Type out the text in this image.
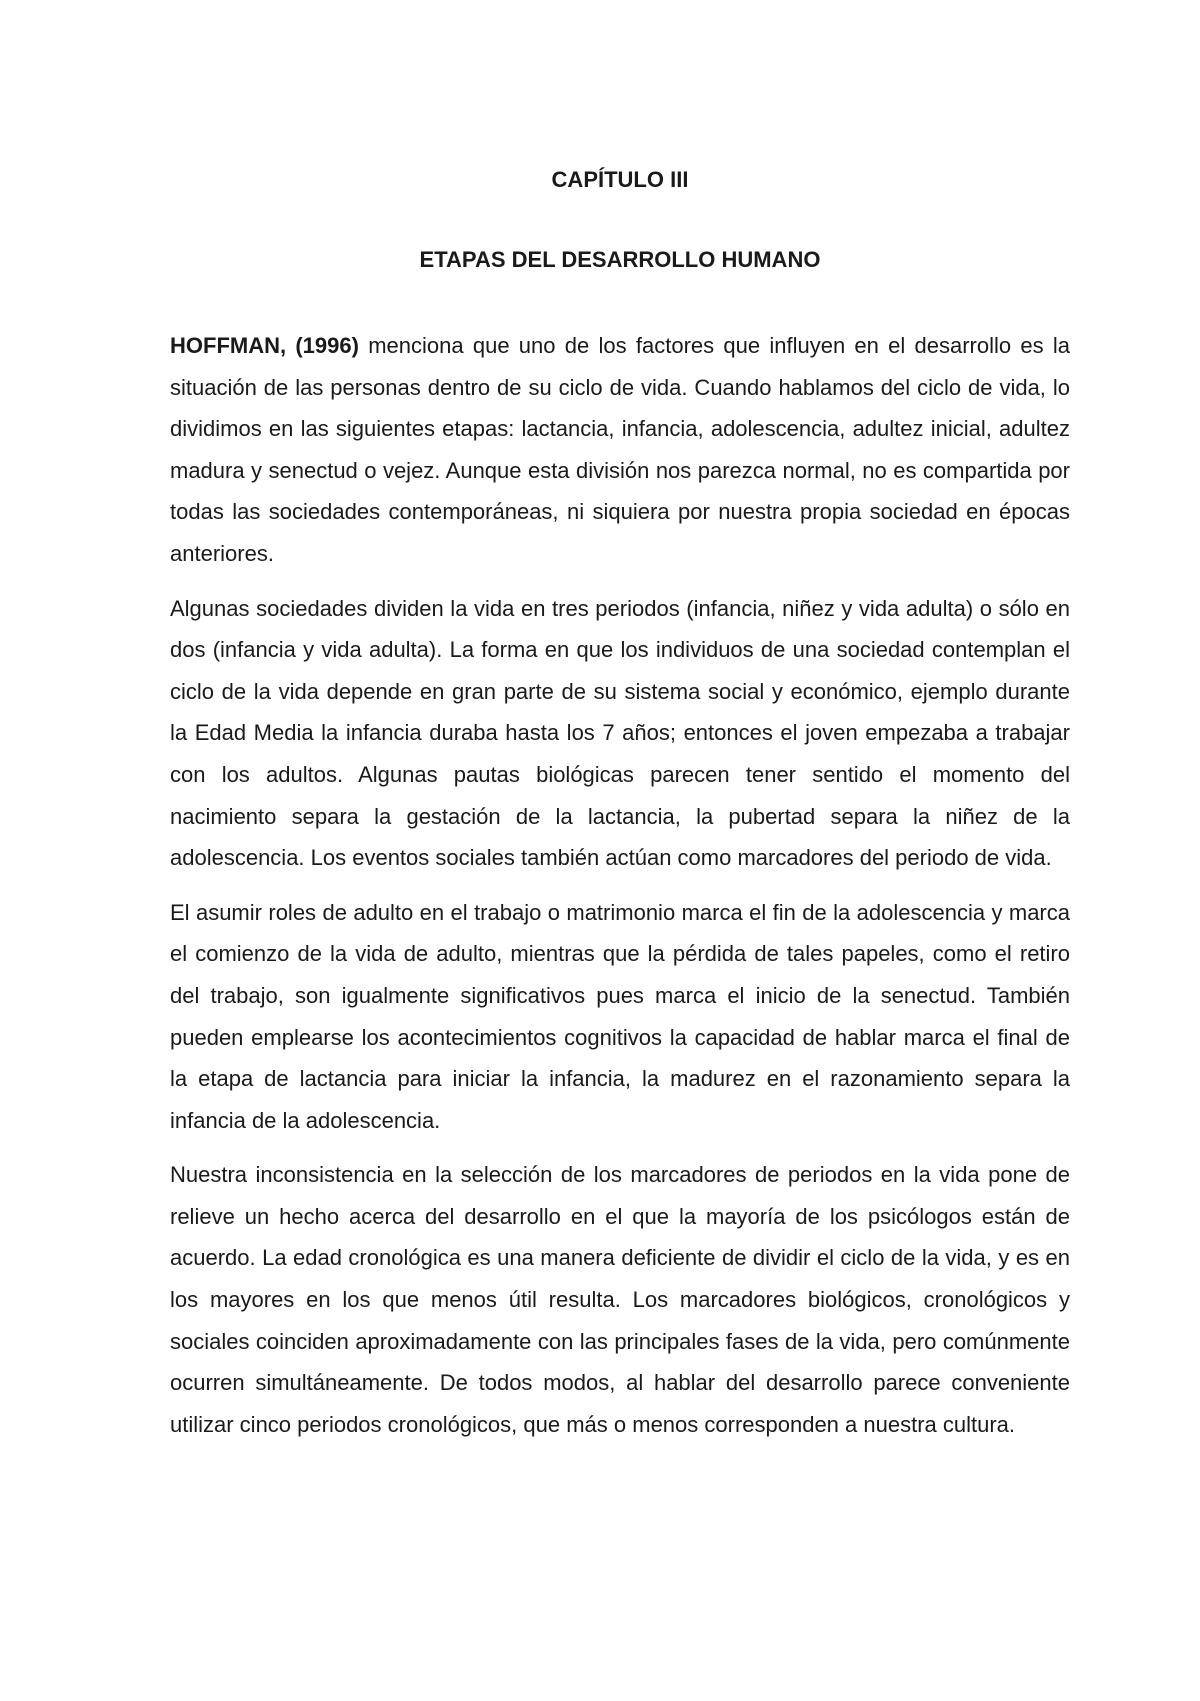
CAPÍTULO III
ETAPAS DEL DESARROLLO HUMANO

HOFFMAN, (1996) menciona que uno de los factores que influyen en el desarrollo es la situación de las personas dentro de su ciclo de vida. Cuando hablamos del ciclo de vida, lo dividimos en las siguientes etapas: lactancia, infancia, adolescencia, adultez inicial, adultez madura y senectud o vejez. Aunque esta división nos parezca normal, no es compartida por todas las sociedades contemporáneas, ni siquiera por nuestra propia sociedad en épocas anteriores.

Algunas sociedades dividen la vida en tres periodos (infancia, niñez y vida adulta) o sólo en dos (infancia y vida adulta). La forma en que los individuos de una sociedad contemplan el ciclo de la vida depende en gran parte de su sistema social y económico, ejemplo durante la Edad Media la infancia duraba hasta los 7 años; entonces el joven empezaba a trabajar con los adultos. Algunas pautas biológicas parecen tener sentido el momento del nacimiento separa la gestación de la lactancia, la pubertad separa la niñez de la adolescencia. Los eventos sociales también actúan como marcadores del periodo de vida.

El asumir roles de adulto en el trabajo o matrimonio marca el fin de la adolescencia y marca el comienzo de la vida de adulto, mientras que la pérdida de tales papeles, como el retiro del trabajo, son igualmente significativos pues marca el inicio de la senectud. También pueden emplearse los acontecimientos cognitivos la capacidad de hablar marca el final de la etapa de lactancia para iniciar la infancia, la madurez en el razonamiento separa la infancia de la adolescencia.

Nuestra inconsistencia en la selección de los marcadores de periodos en la vida pone de relieve un hecho acerca del desarrollo en el que la mayoría de los psicólogos están de acuerdo. La edad cronológica es una manera deficiente de dividir el ciclo de la vida, y es en los mayores en los que menos útil resulta. Los marcadores biológicos, cronológicos y sociales coinciden aproximadamente con las principales fases de la vida, pero comúnmente ocurren simultáneamente. De todos modos, al hablar del desarrollo parece conveniente utilizar cinco periodos cronológicos, que más o menos corresponden a nuestra cultura.
